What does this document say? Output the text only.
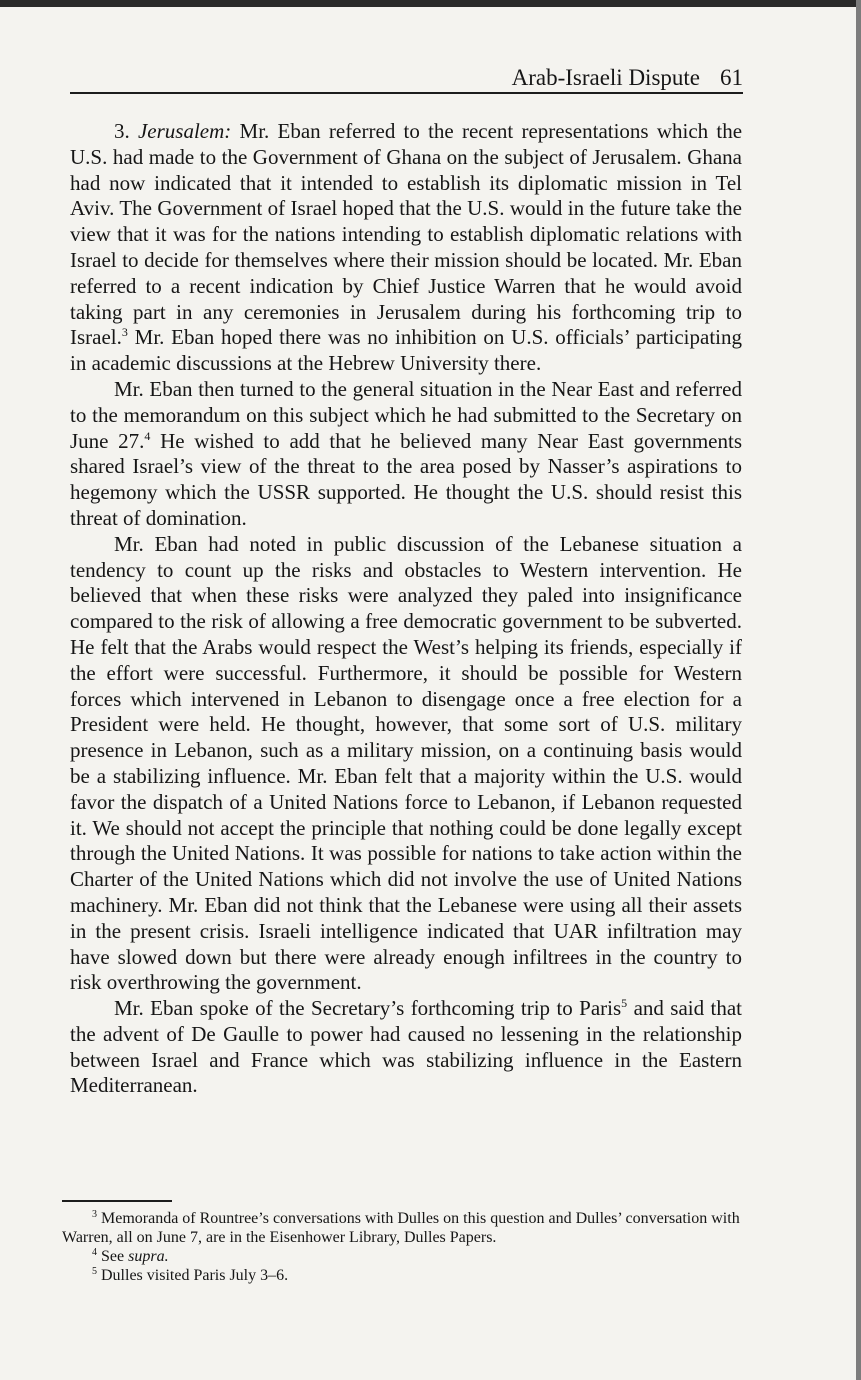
Arab-Israeli Dispute 61

3. Jerusalem: Mr. Eban referred to the recent representations which the U.S. had made to the Government of Ghana on the subject of Jerusalem. Ghana had now indicated that it intended to establish its diplomatic mission in Tel Aviv. The Government of Israel hoped that the U.S. would in the future take the view that it was for the nations intending to establish diplomatic relations with Israel to decide for themselves where their mission should be located. Mr. Eban referred to a recent indication by Chief Justice Warren that he would avoid taking part in any ceremonies in Jerusalem during his forthcoming trip to Israel.$^3$ Mr. Eban hoped there was no inhibition on U.S. officials’ participating in academic discussions at the Hebrew University there.

Mr. Eban then turned to the general situation in the Near East and referred to the memorandum on this subject which he had submitted to the Secretary on June 27.$^4$ He wished to add that he believed many Near East governments shared Israel’s view of the threat to the area posed by Nasser’s aspirations to hegemony which the USSR supported. He thought the U.S. should resist this threat of domination.

Mr. Eban had noted in public discussion of the Lebanese situation a tendency to count up the risks and obstacles to Western intervention. He believed that when these risks were analyzed they paled into insignificance compared to the risk of allowing a free democratic government to be subverted. He felt that the Arabs would respect the West’s helping its friends, especially if the effort were successful. Furthermore, it should be possible for Western forces which intervened in Lebanon to disengage once a free election for a President were held. He thought, however, that some sort of U.S. military presence in Lebanon, such as a military mission, on a continuing basis would be a stabilizing influence. Mr. Eban felt that a majority within the U.S. would favor the dispatch of a United Nations force to Lebanon, if Lebanon requested it. We should not accept the principle that nothing could be done legally except through the United Nations. It was possible for nations to take action within the Charter of the United Nations which did not involve the use of United Nations machinery. Mr. Eban did not think that the Lebanese were using all their assets in the present crisis. Israeli intelligence indicated that UAR infiltration may have slowed down but there were already enough infiltrees in the country to risk overthrowing the government.

Mr. Eban spoke of the Secretary’s forthcoming trip to Paris$^5$ and said that the advent of De Gaulle to power had caused no lessening in the relationship between Israel and France which was stabilizing influence in the Eastern Mediterranean.

$^3$ Memoranda of Rountree’s conversations with Dulles on this question and Dulles’ conversation with Warren, all on June 7, are in the Eisenhower Library, Dulles Papers.

$^4$ See supra.

$^5$ Dulles visited Paris July 3–6.
